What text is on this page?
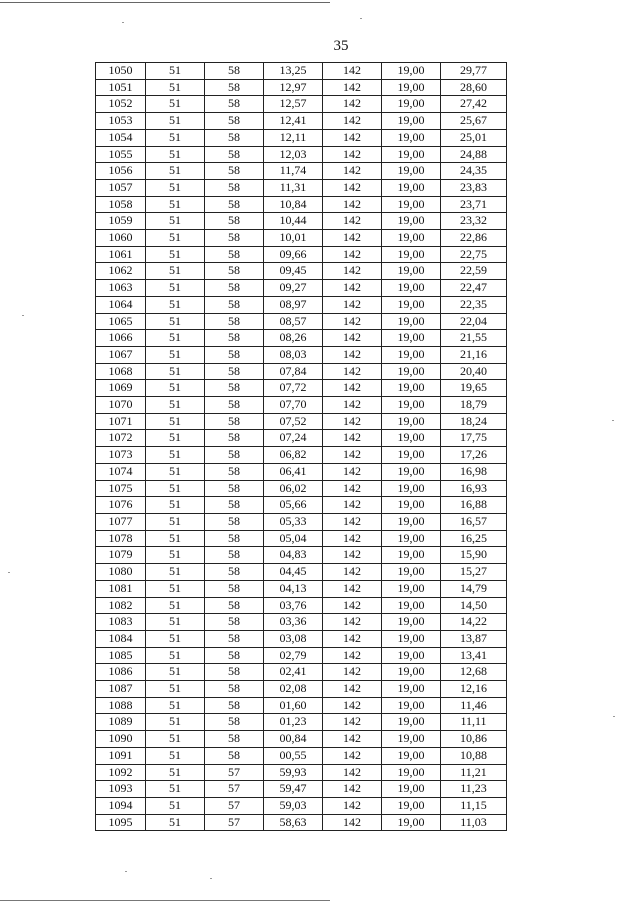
35
1050	51	58	13,25	142	19,00	29,77
1051	51	58	12,97	142	19,00	28,60
1052	51	58	12,57	142	19,00	27,42
1053	51	58	12,41	142	19,00	25,67
1054	51	58	12,11	142	19,00	25,01
1055	51	58	12,03	142	19,00	24,88
1056	51	58	11,74	142	19,00	24,35
1057	51	58	11,31	142	19,00	23,83
1058	51	58	10,84	142	19,00	23,71
1059	51	58	10,44	142	19,00	23,32
1060	51	58	10,01	142	19,00	22,86
1061	51	58	09,66	142	19,00	22,75
1062	51	58	09,45	142	19,00	22,59
1063	51	58	09,27	142	19,00	22,47
1064	51	58	08,97	142	19,00	22,35
1065	51	58	08,57	142	19,00	22,04
1066	51	58	08,26	142	19,00	21,55
1067	51	58	08,03	142	19,00	21,16
1068	51	58	07,84	142	19,00	20,40
1069	51	58	07,72	142	19,00	19,65
1070	51	58	07,70	142	19,00	18,79
1071	51	58	07,52	142	19,00	18,24
1072	51	58	07,24	142	19,00	17,75
1073	51	58	06,82	142	19,00	17,26
1074	51	58	06,41	142	19,00	16,98
1075	51	58	06,02	142	19,00	16,93
1076	51	58	05,66	142	19,00	16,88
1077	51	58	05,33	142	19,00	16,57
1078	51	58	05,04	142	19,00	16,25
1079	51	58	04,83	142	19,00	15,90
1080	51	58	04,45	142	19,00	15,27
1081	51	58	04,13	142	19,00	14,79
1082	51	58	03,76	142	19,00	14,50
1083	51	58	03,36	142	19,00	14,22
1084	51	58	03,08	142	19,00	13,87
1085	51	58	02,79	142	19,00	13,41
1086	51	58	02,41	142	19,00	12,68
1087	51	58	02,08	142	19,00	12,16
1088	51	58	01,60	142	19,00	11,46
1089	51	58	01,23	142	19,00	11,11
1090	51	58	00,84	142	19,00	10,86
1091	51	58	00,55	142	19,00	10,88
1092	51	57	59,93	142	19,00	11,21
1093	51	57	59,47	142	19,00	11,23
1094	51	57	59,03	142	19,00	11,15
1095	51	57	58,63	142	19,00	11,03
